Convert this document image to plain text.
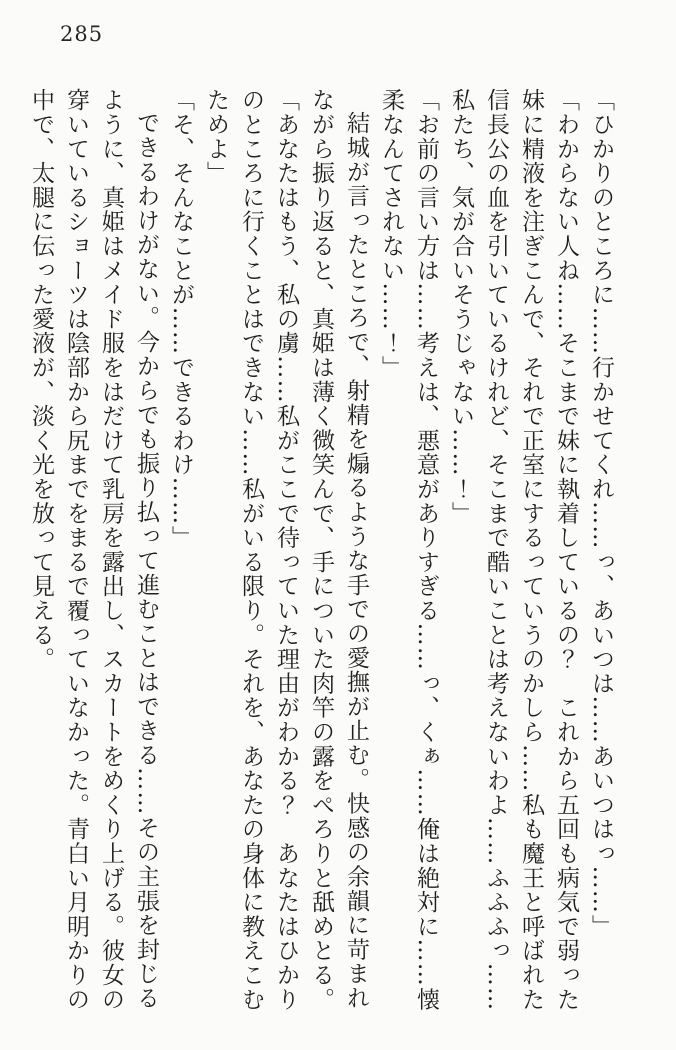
285

「ひかりのところに……行かせてくれ……っ、あいつは……あいつはっ……」

「わからない人ね……そこまで妹に執着しているの？　これから五回も病気で弱った妹に精液を注ぎこんで、それで正室にするっていうのかしら……私も魔王と呼ばれた信長公の血を引いているけれど、そこまで酷いことは考えないわよ……ふふふっ……私たち、気が合いそうじゃない……！」

「お前の言い方は……考えは、悪意がありすぎる……っ、くぁ……俺は絶対に……懐柔なんてされない……！」

結城が言ったところで、射精を煽るような手での愛撫が止む。快感の余韻に苛まれながら振り返ると、真姫は薄く微笑んで、手についた肉竿の露をぺろりと舐めとる。

「あなたはもう、私の虜……私がここで待っていた理由がわかる？　あなたはひかりのところに行くことはできない……私がいる限り。それを、あなたの身体に教えこむためよ」

「そ、そんなことが……できるわけ……」

できるわけがない。今からでも振り払って進むことはできる……その主張を封じるように、真姫はメイド服をはだけて乳房を露出し、スカートをめくり上げる。彼女の穿いているショーツは陰部から尻までをまるで覆っていなかった。青白い月明かりの中で、太腿に伝った愛液が、淡く光を放って見える。
